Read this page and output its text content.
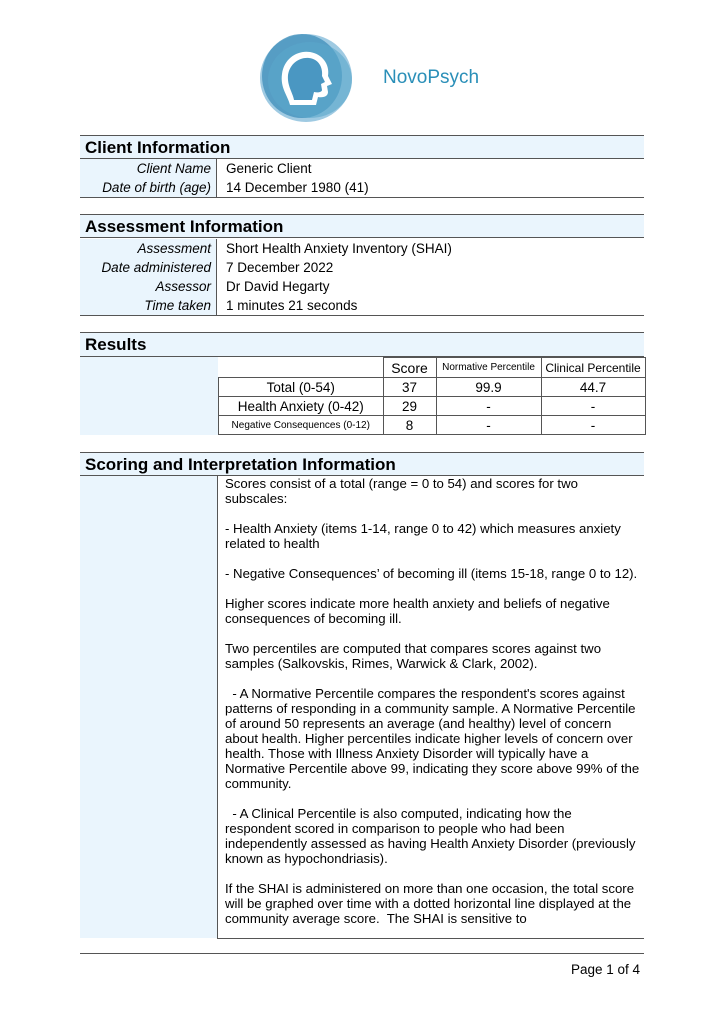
NovoPsych
Client Information
Client Name	Generic Client
Date of birth (age)	14 December 1980 (41)
Assessment Information
Assessment	Short Health Anxiety Inventory (SHAI)
Date administered	7 December 2022
Assessor	Dr David Hegarty
Time taken	1 minutes 21 seconds
Results
	Score	Normative Percentile	Clinical Percentile
Total (0-54)	37	99.9	44.7
Health Anxiety (0-42)	29	-	-
Negative Consequences (0-12)	8	-	-
Scoring and Interpretation Information

Scores consist of a total (range = 0 to 54) and scores for two subscales:

- Health Anxiety (items 1-14, range 0 to 42) which measures anxiety related to health

- Negative Consequences’ of becoming ill (items 15-18, range 0 to 12).

Higher scores indicate more health anxiety and beliefs of negative consequences of becoming ill.

Two percentiles are computed that compares scores against two samples (Salkovskis, Rimes, Warwick & Clark, 2002).

- A Normative Percentile compares the respondent's scores against patterns of responding in a community sample. A Normative Percentile of around 50 represents an average (and healthy) level of concern about health. Higher percentiles indicate higher levels of concern over health. Those with Illness Anxiety Disorder will typically have a Normative Percentile above 99, indicating they score above 99% of the community.

- A Clinical Percentile is also computed, indicating how the respondent scored in comparison to people who had been independently assessed as having Health Anxiety Disorder (previously known as hypochondriasis).

If the SHAI is administered on more than one occasion, the total score will be graphed over time with a dotted horizontal line displayed at the community average score.  The SHAI is sensitive to

Page 1 of 4
